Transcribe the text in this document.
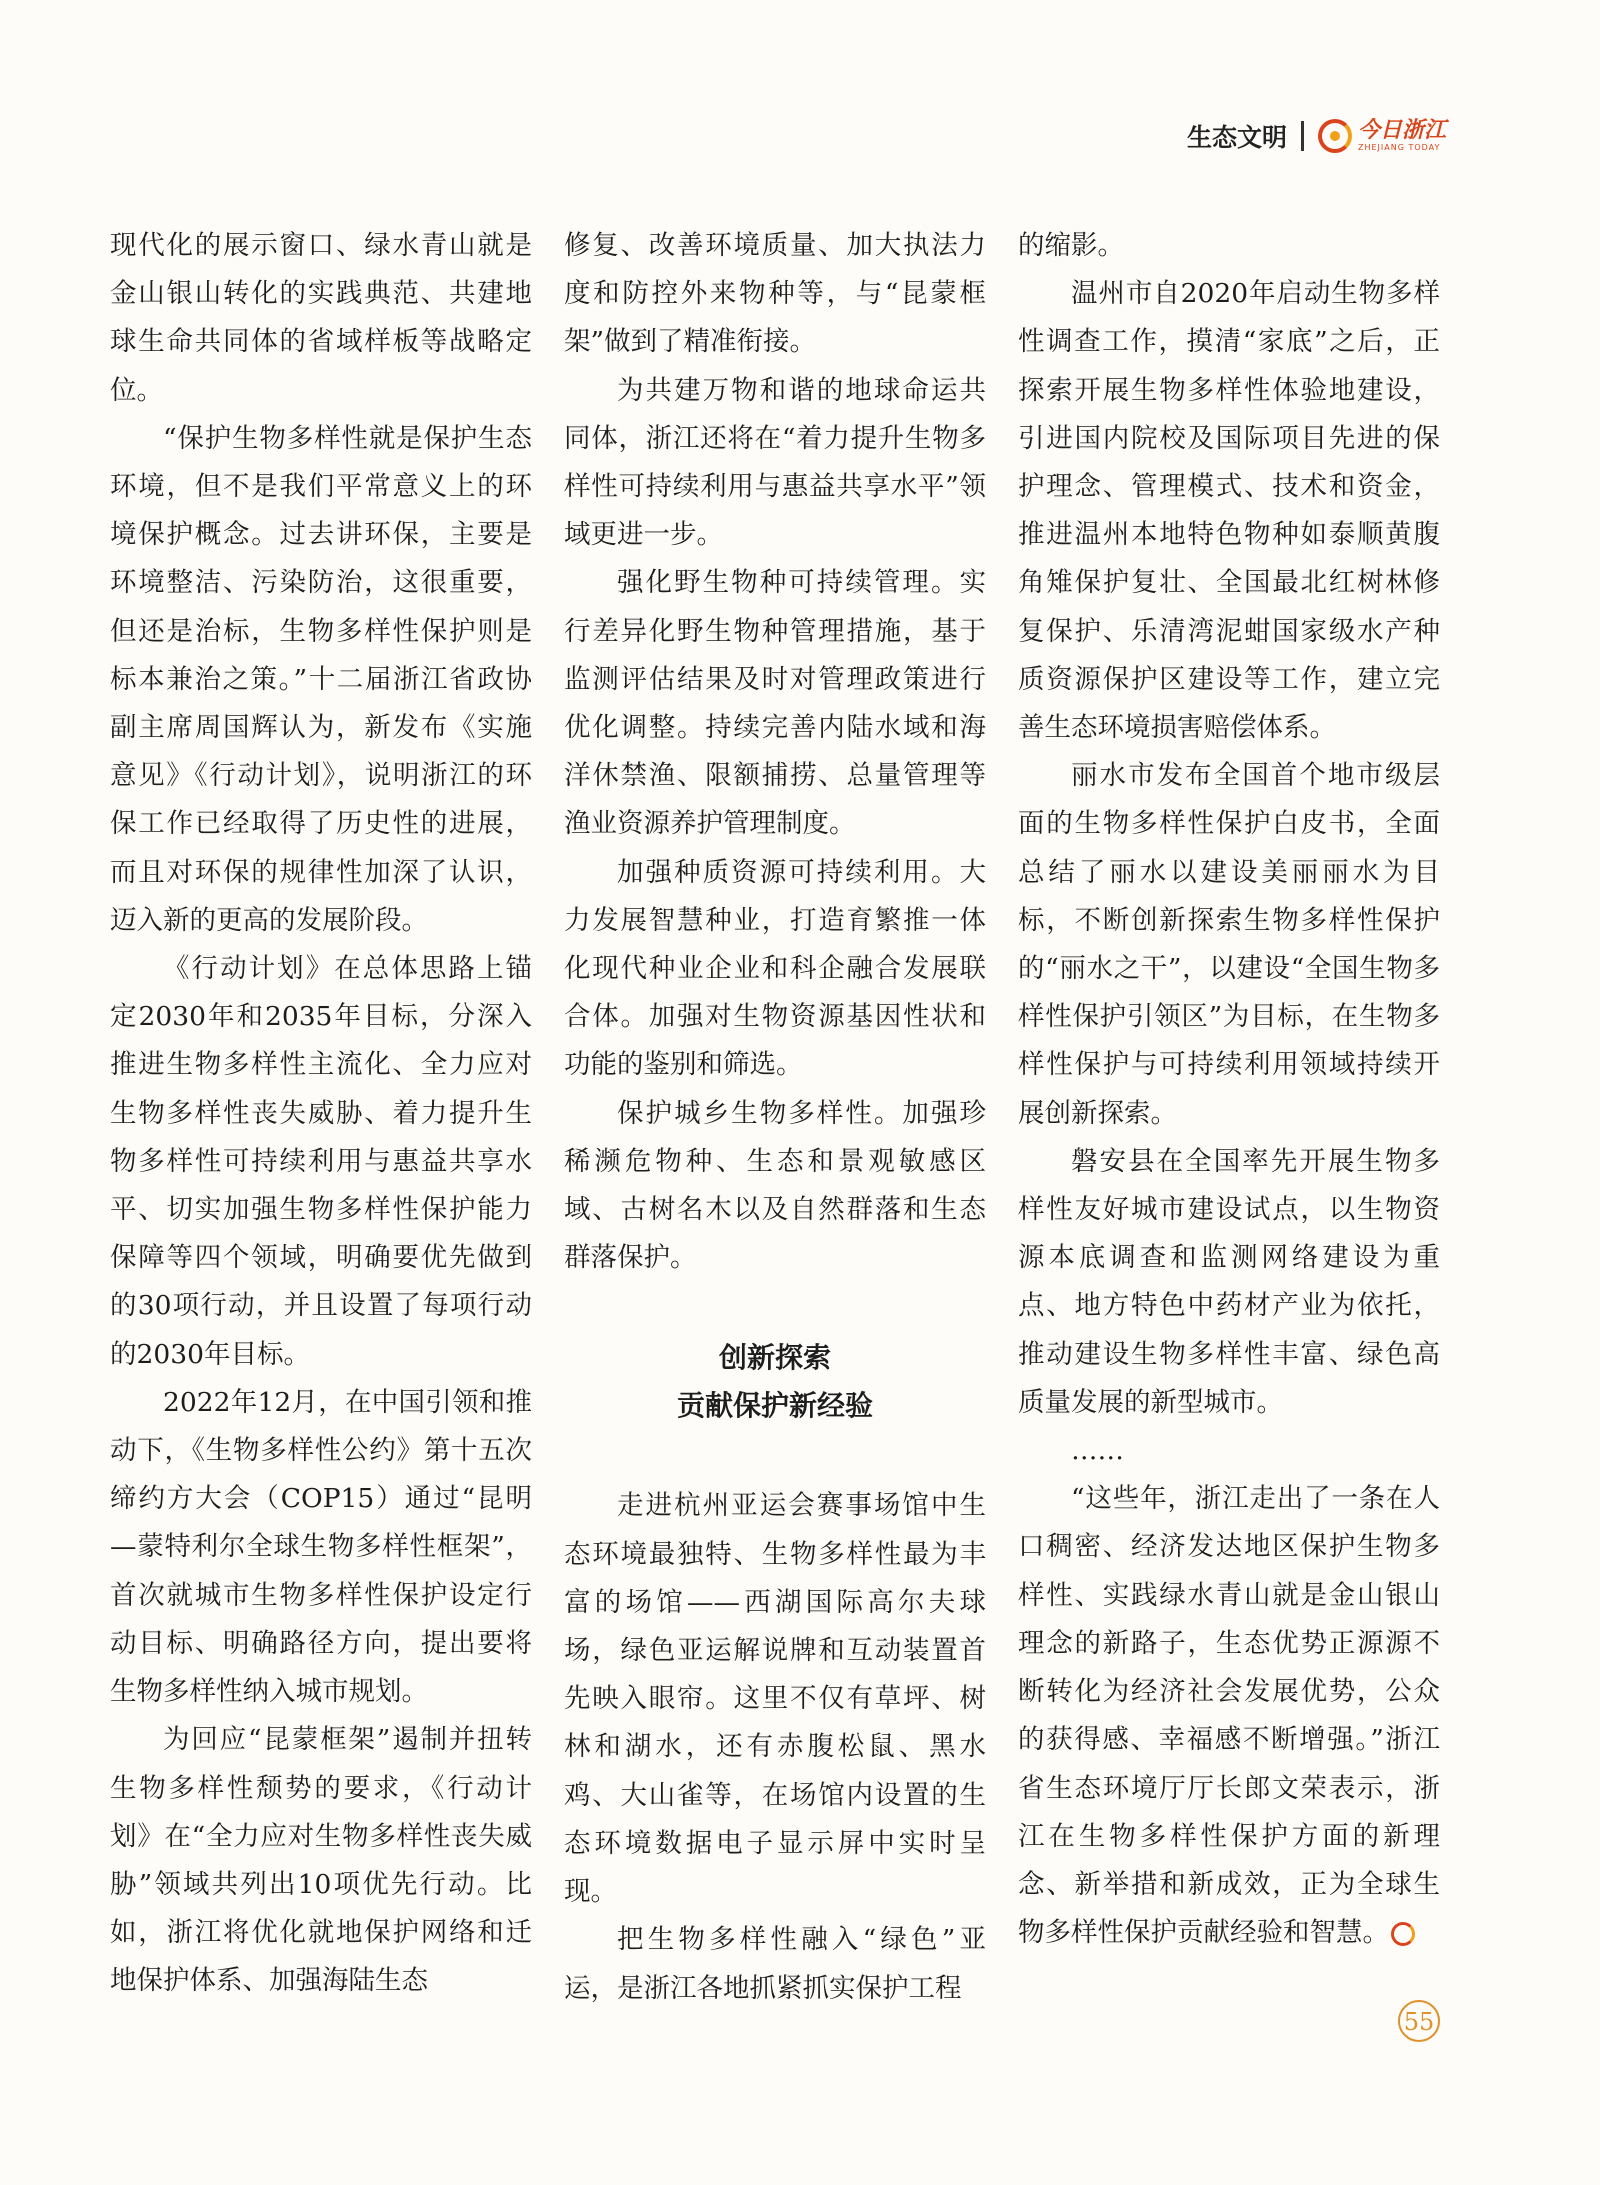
生态文明	今日浙江
ZHEJIANG TODAY

现代化的展示窗口、绿水青山就是金山银山转化的实践典范、共建地球生命共同体的省域样板等战略定位。

“保护生物多样性就是保护生态环境，但不是我们平常意义上的环境保护概念。过去讲环保，主要是环境整洁、污染防治，这很重要，但还是治标，生物多样性保护则是标本兼治之策。”十二届浙江省政协副主席周国辉认为，新发布《实施意见》《行动计划》，说明浙江的环保工作已经取得了历史性的进展，而且对环保的规律性加深了认识，迈入新的更高的发展阶段。

《行动计划》在总体思路上锚定2030年和2035年目标，分深入推进生物多样性主流化、全力应对生物多样性丧失威胁、着力提升生物多样性可持续利用与惠益共享水平、切实加强生物多样性保护能力保障等四个领域，明确要优先做到的30项行动，并且设置了每项行动的2030年目标。

2022年12月，在中国引领和推动下，《生物多样性公约》第十五次缔约方大会（COP15）通过“昆明—蒙特利尔全球生物多样性框架”，首次就城市生物多样性保护设定行动目标、明确路径方向，提出要将生物多样性纳入城市规划。

为回应“昆蒙框架”遏制并扭转生物多样性颓势的要求，《行动计划》在“全力应对生物多样性丧失威胁”领域共列出10项优先行动。比如，浙江将优化就地保护网络和迁地保护体系、加强海陆生态

修复、改善环境质量、加大执法力度和防控外来物种等，与“昆蒙框架”做到了精准衔接。

为共建万物和谐的地球命运共同体，浙江还将在“着力提升生物多样性可持续利用与惠益共享水平”领域更进一步。

强化野生物种可持续管理。实行差异化野生物种管理措施，基于监测评估结果及时对管理政策进行优化调整。持续完善内陆水域和海洋休禁渔、限额捕捞、总量管理等渔业资源养护管理制度。

加强种质资源可持续利用。大力发展智慧种业，打造育繁推一体化现代种业企业和科企融合发展联合体。加强对生物资源基因性状和功能的鉴别和筛选。

保护城乡生物多样性。加强珍稀濒危物种、生态和景观敏感区域、古树名木以及自然群落和生态群落保护。

创新探索
贡献保护新经验

走进杭州亚运会赛事场馆中生态环境最独特、生物多样性最为丰富的场馆——西湖国际高尔夫球场，绿色亚运解说牌和互动装置首先映入眼帘。这里不仅有草坪、树林和湖水，还有赤腹松鼠、黑水鸡、大山雀等，在场馆内设置的生态环境数据电子显示屏中实时呈现。

把生物多样性融入“绿色”亚运，是浙江各地抓紧抓实保护工程

的缩影。

温州市自2020年启动生物多样性调查工作，摸清“家底”之后，正探索开展生物多样性体验地建设，引进国内院校及国际项目先进的保护理念、管理模式、技术和资金，推进温州本地特色物种如泰顺黄腹角雉保护复壮、全国最北红树林修复保护、乐清湾泥蚶国家级水产种质资源保护区建设等工作，建立完善生态环境损害赔偿体系。

丽水市发布全国首个地市级层面的生物多样性保护白皮书，全面总结了丽水以建设美丽丽水为目标，不断创新探索生物多样性保护的“丽水之干”，以建设“全国生物多样性保护引领区”为目标，在生物多样性保护与可持续利用领域持续开展创新探索。

磐安县在全国率先开展生物多样性友好城市建设试点，以生物资源本底调查和监测网络建设为重点、地方特色中药材产业为依托，推动建设生物多样性丰富、绿色高质量发展的新型城市。

……

“这些年，浙江走出了一条在人口稠密、经济发达地区保护生物多样性、实践绿水青山就是金山银山理念的新路子，生态优势正源源不断转化为经济社会发展优势，公众的获得感、幸福感不断增强。”浙江省生态环境厅厅长郎文荣表示，浙江在生物多样性保护方面的新理念、新举措和新成效，正为全球生物多样性保护贡献经验和智慧。

55
